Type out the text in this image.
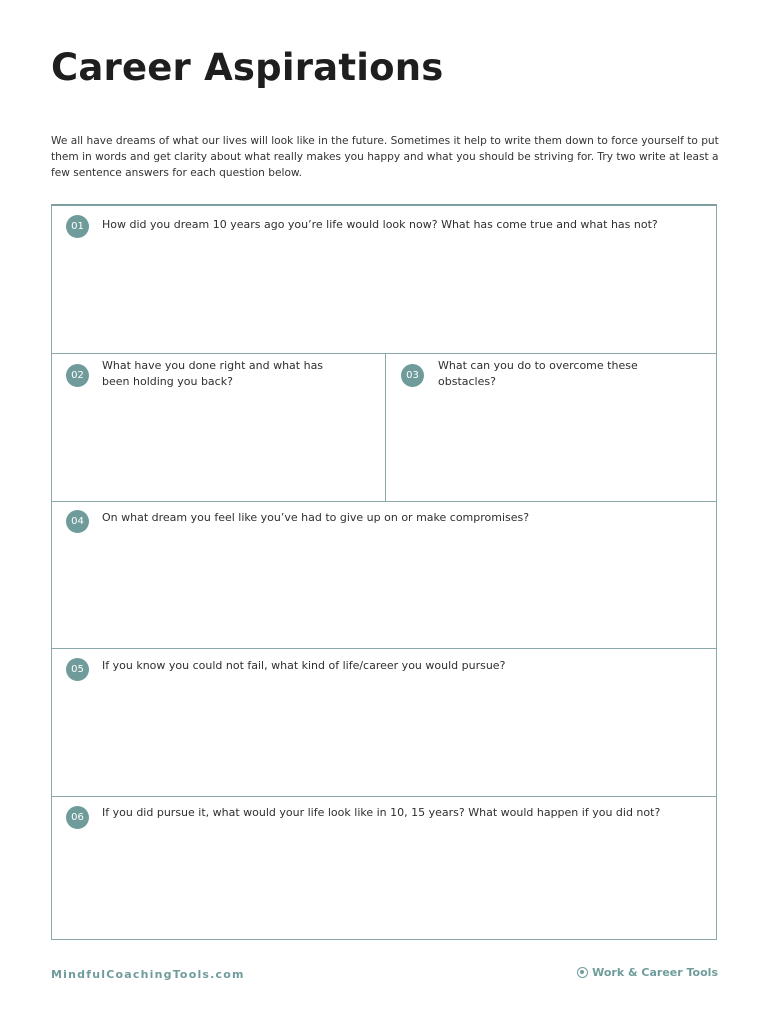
Career Aspirations

We all have dreams of what our lives will look like in the future. Sometimes it help to write them down to force yourself to put them in words and get clarity about what really makes you happy and what you should be striving for. Try two write at least a few sentence answers for each question below.

01	How did you dream 10 years ago you’re life would look now? What has come true and what has not?
02
What have you done right and what has been holding you back?	03
What can you do to overcome these obstacles?
04	On what dream you feel like you’ve had to give up on or make compromises?
05	If you know you could not fail, what kind of life/career you would pursue?
06	If you did pursue it, what would your life look like in 10, 15 years? What would happen if you did not?
MindfulCoachingTools.com	Work & Career Tools
